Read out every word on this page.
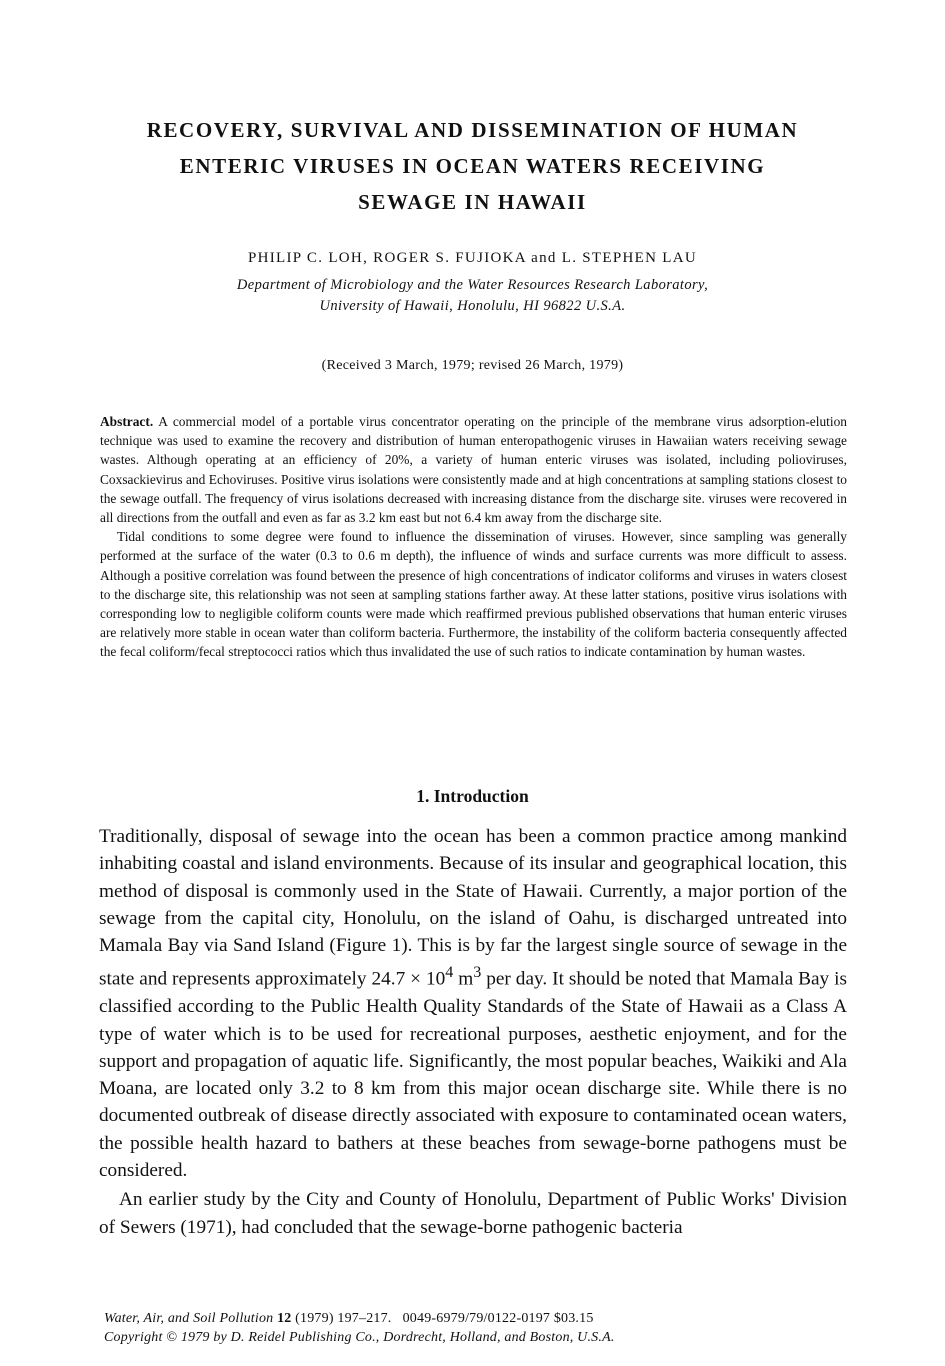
RECOVERY, SURVIVAL AND DISSEMINATION OF HUMAN
ENTERIC VIRUSES IN OCEAN WATERS RECEIVING
SEWAGE IN HAWAII
PHILIP C. LOH, ROGER S. FUJIOKA and L. STEPHEN LAU
Department of Microbiology and the Water Resources Research Laboratory,
University of Hawaii, Honolulu, HI 96822 U.S.A.
(Received 3 March, 1979; revised 26 March, 1979)

Abstract. A commercial model of a portable virus concentrator operating on the principle of the membrane virus adsorption-elution technique was used to examine the recovery and distribution of human enteropathogenic viruses in Hawaiian waters receiving sewage wastes. Although operating at an efficiency of 20%, a variety of human enteric viruses was isolated, including polioviruses, Coxsackievirus and Echoviruses. Positive virus isolations were consistently made and at high concentrations at sampling stations closest to the sewage outfall. The frequency of virus isolations decreased with increasing distance from the discharge site. viruses were recovered in all directions from the outfall and even as far as 3.2 km east but not 6.4 km away from the discharge site.

Tidal conditions to some degree were found to influence the dissemination of viruses. However, since sampling was generally performed at the surface of the water (0.3 to 0.6 m depth), the influence of winds and surface currents was more difficult to assess. Although a positive correlation was found between the presence of high concentrations of indicator coliforms and viruses in waters closest to the discharge site, this relationship was not seen at sampling stations farther away. At these latter stations, positive virus isolations with corresponding low to negligible coliform counts were made which reaffirmed previous published observations that human enteric viruses are relatively more stable in ocean water than coliform bacteria. Furthermore, the instability of the coliform bacteria consequently affected the fecal coliform/fecal streptococci ratios which thus invalidated the use of such ratios to indicate contamination by human wastes.

1. Introduction

Traditionally, disposal of sewage into the ocean has been a common practice among mankind inhabiting coastal and island environments. Because of its insular and geographical location, this method of disposal is commonly used in the State of Hawaii. Currently, a major portion of the sewage from the capital city, Honolulu, on the island of Oahu, is discharged untreated into Mamala Bay via Sand Island (Figure 1). This is by far the largest single source of sewage in the state and represents approximately $24.7 \times 10^4$ $m^3$ per day. It should be noted that Mamala Bay is classified according to the Public Health Quality Standards of the State of Hawaii as a Class A type of water which is to be used for recreational purposes, aesthetic enjoyment, and for the support and propagation of aquatic life. Significantly, the most popular beaches, Waikiki and Ala Moana, are located only 3.2 to 8 km from this major ocean discharge site. While there is no documented outbreak of disease directly associated with exposure to contaminated ocean waters, the possible health hazard to bathers at these beaches from sewage-borne pathogens must be considered.

An earlier study by the City and County of Honolulu, Department of Public Works' Division of Sewers (1971), had concluded that the sewage-borne pathogenic bacteria

Water, Air, and Soil Pollution 12 (1979) 197–217. 0049-6979/79/0122-0197 $03.15
Copyright © 1979 by D. Reidel Publishing Co., Dordrecht, Holland, and Boston, U.S.A.
